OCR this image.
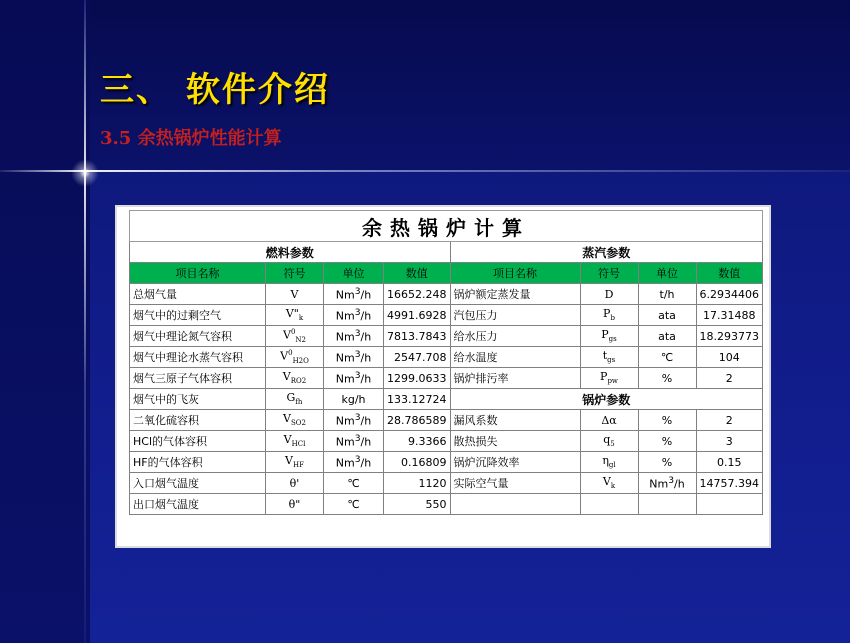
三、 软件介绍
3.5 余热锅炉性能计算
余热锅炉计算							
燃料参数				蒸汽参数			
项目名称	符号	单位	数值	项目名称	符号	单位	数值
总烟气量	V	Nm$^3$/h	16652.248	锅炉额定蒸发量	D	t/h	6.2934406
烟气中的过剩空气	$V"_k$	Nm$^3$/h	4991.6928	汽包压力	$P_b$	ata	17.31488
烟气中理论氮气容积	$V^0_{N2}$	Nm$^3$/h	7813.7843	给水压力	$P_{gs}$	ata	18.293773
烟气中理论水蒸气容积	$V^0_{H2O}$	Nm$^3$/h	2547.708	给水温度	$t_{gs}$	℃	104
烟气三原子气体容积	$V_{RO2}$	Nm$^3$/h	1299.0633	锅炉排污率	$P_{pw}$	%	2
烟气中的飞灰	$G_{fh}$	kg/h	133.12724	锅炉参数			
二氧化硫容积	$V_{SO2}$	Nm$^3$/h	28.786589	漏风系数	Δα	%	2
HCl的气体容积	$V_{HCl}$	Nm$^3$/h	9.3366	散热损失	$q_5$	%	3
HF的气体容积	$V_{HF}$	Nm$^3$/h	0.16809	锅炉沉降效率	$\eta_{gl}$	%	0.15
入口烟气温度	θ'	℃	1120	实际空气量	$V_k$	Nm$^3$/h	14757.394
出口烟气温度	θ"	℃	550				
